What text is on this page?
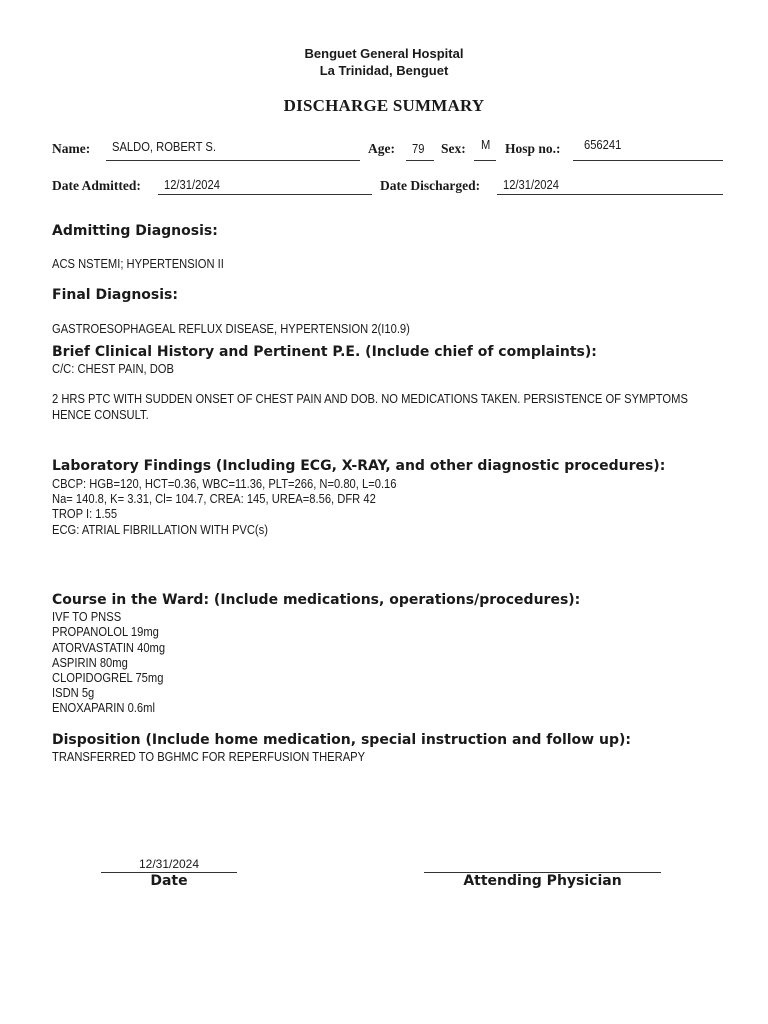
Benguet General Hospital
La Trinidad, Benguet
DISCHARGE SUMMARY
Name: SALDO, ROBERT S.	Age: 79 Sex: M Hosp no.: 656241
Date Admitted: 12/31/2024	Date Discharged: 12/31/2024
Admitting Diagnosis:
ACS NSTEMI; HYPERTENSION II
Final Diagnosis:
GASTROESOPHAGEAL REFLUX DISEASE, HYPERTENSION 2(I10.9)
Brief Clinical History and Pertinent P.E. (Include chief of complaints):
C/C: CHEST PAIN, DOB
2 HRS PTC WITH SUDDEN ONSET OF CHEST PAIN AND DOB. NO MEDICATIONS TAKEN. PERSISTENCE OF SYMPTOMS
HENCE CONSULT.
Laboratory Findings (Including ECG, X-RAY, and other diagnostic procedures):
CBCP: HGB=120, HCT=0.36, WBC=11.36, PLT=266, N=0.80, L=0.16
Na= 140.8, K= 3.31, Cl= 104.7, CREA: 145, UREA=8.56, DFR 42
TROP I: 1.55
ECG: ATRIAL FIBRILLATION WITH PVC(s)
Course in the Ward: (Include medications, operations/procedures):
IVF TO PNSS
PROPANOLOL 19mg
ATORVASTATIN 40mg
ASPIRIN 80mg
CLOPIDOGREL 75mg
ISDN 5g
ENOXAPARIN 0.6ml
Disposition (Include home medication, special instruction and follow up):
TRANSFERRED TO BGHMC FOR REPERFUSION THERAPY
12/31/2024
Date	Attending Physician
